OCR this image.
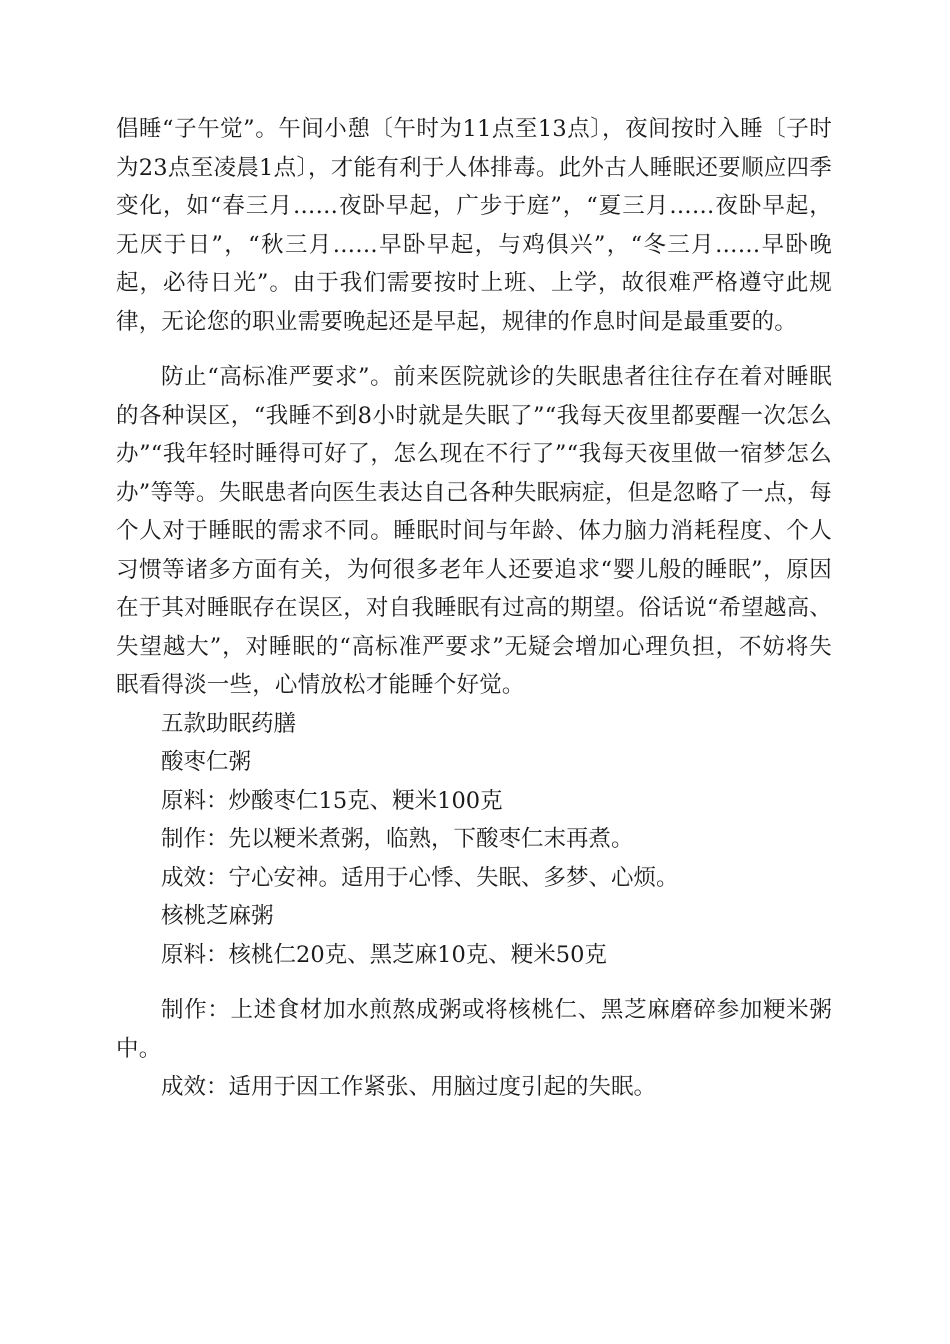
倡睡“子午觉”。午间小憩〔午时为11点至13点〕，夜间按时入睡〔子时为23点至凌晨1点〕，才能有利于人体排毒。此外古人睡眠还要顺应四季变化，如“春三月……夜卧早起，广步于庭”，“夏三月……夜卧早起，无厌于日”，“秋三月……早卧早起，与鸡俱兴”，“冬三月……早卧晚起，必待日光”。由于我们需要按时上班、上学，故很难严格遵守此规律，无论您的职业需要晚起还是早起，规律的作息时间是最重要的。

防止“高标准严要求”。前来医院就诊的失眠患者往往存在着对睡眠的各种误区，“我睡不到8小时就是失眠了”“我每天夜里都要醒一次怎么办”“我年轻时睡得可好了，怎么现在不行了”“我每天夜里做一宿梦怎么办”等等。失眠患者向医生表达自己各种失眠病症，但是忽略了一点，每个人对于睡眠的需求不同。睡眠时间与年龄、体力脑力消耗程度、个人习惯等诸多方面有关，为何很多老年人还要追求“婴儿般的睡眠”，原因在于其对睡眠存在误区，对自我睡眠有过高的期望。俗话说“希望越高、失望越大”，对睡眠的“高标准严要求”无疑会增加心理负担，不妨将失眠看得淡一些，心情放松才能睡个好觉。

五款助眠药膳

酸枣仁粥

原料：炒酸枣仁15克、粳米100克

制作：先以粳米煮粥，临熟，下酸枣仁末再煮。

成效：宁心安神。适用于心悸、失眠、多梦、心烦。

核桃芝麻粥

原料：核桃仁20克、黑芝麻10克、粳米50克

制作：上述食材加水煎熬成粥或将核桃仁、黑芝麻磨碎参加粳米粥中。

成效：适用于因工作紧张、用脑过度引起的失眠。
